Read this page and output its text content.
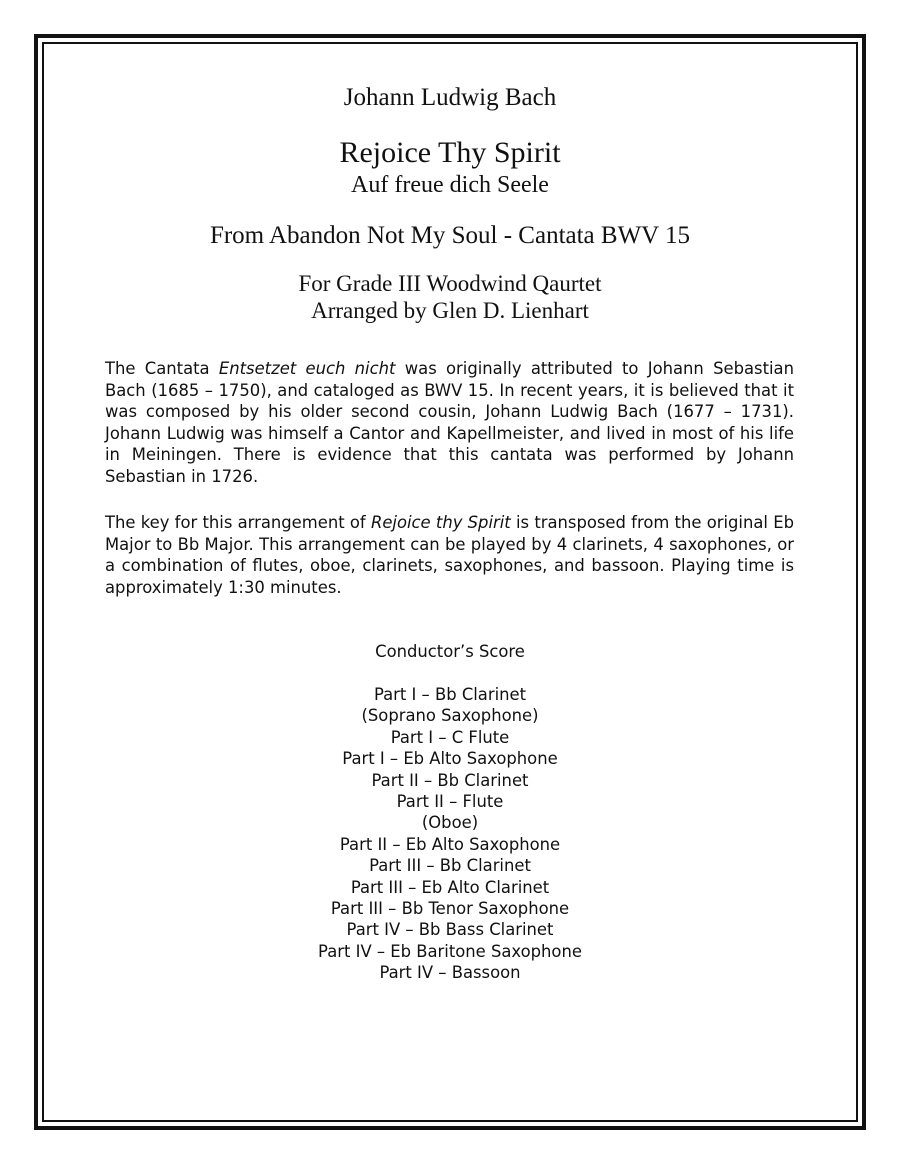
Johann Ludwig Bach
Rejoice Thy Spirit
Auf freue dich Seele
From Abandon Not My Soul - Cantata BWV 15
For Grade III Woodwind Qaurtet
Arranged by Glen D. Lienhart

The Cantata Entsetzet euch nicht was originally attributed to Johann Sebastian Bach (1685 – 1750), and cataloged as BWV 15. In recent years, it is believed that it was composed by his older second cousin, Johann Ludwig Bach (1677 – 1731). Johann Ludwig was himself a Cantor and Kapellmeister, and lived in most of his life in Meiningen. There is evidence that this cantata was performed by Johann Sebastian in 1726.

The key for this arrangement of Rejoice thy Spirit is transposed from the original Eb Major to Bb Major. This arrangement can be played by 4 clarinets, 4 saxophones, or a combination of flutes, oboe, clarinets, saxophones, and bassoon. Playing time is approximately 1:30 minutes.

Conductor’s Score
Part I – Bb Clarinet
(Soprano Saxophone)
Part I – C Flute
Part I – Eb Alto Saxophone
Part II – Bb Clarinet
Part II – Flute
(Oboe)
Part II – Eb Alto Saxophone
Part III – Bb Clarinet
Part III – Eb Alto Clarinet
Part III – Bb Tenor Saxophone
Part IV – Bb Bass Clarinet
Part IV – Eb Baritone Saxophone
Part IV – Bassoon
